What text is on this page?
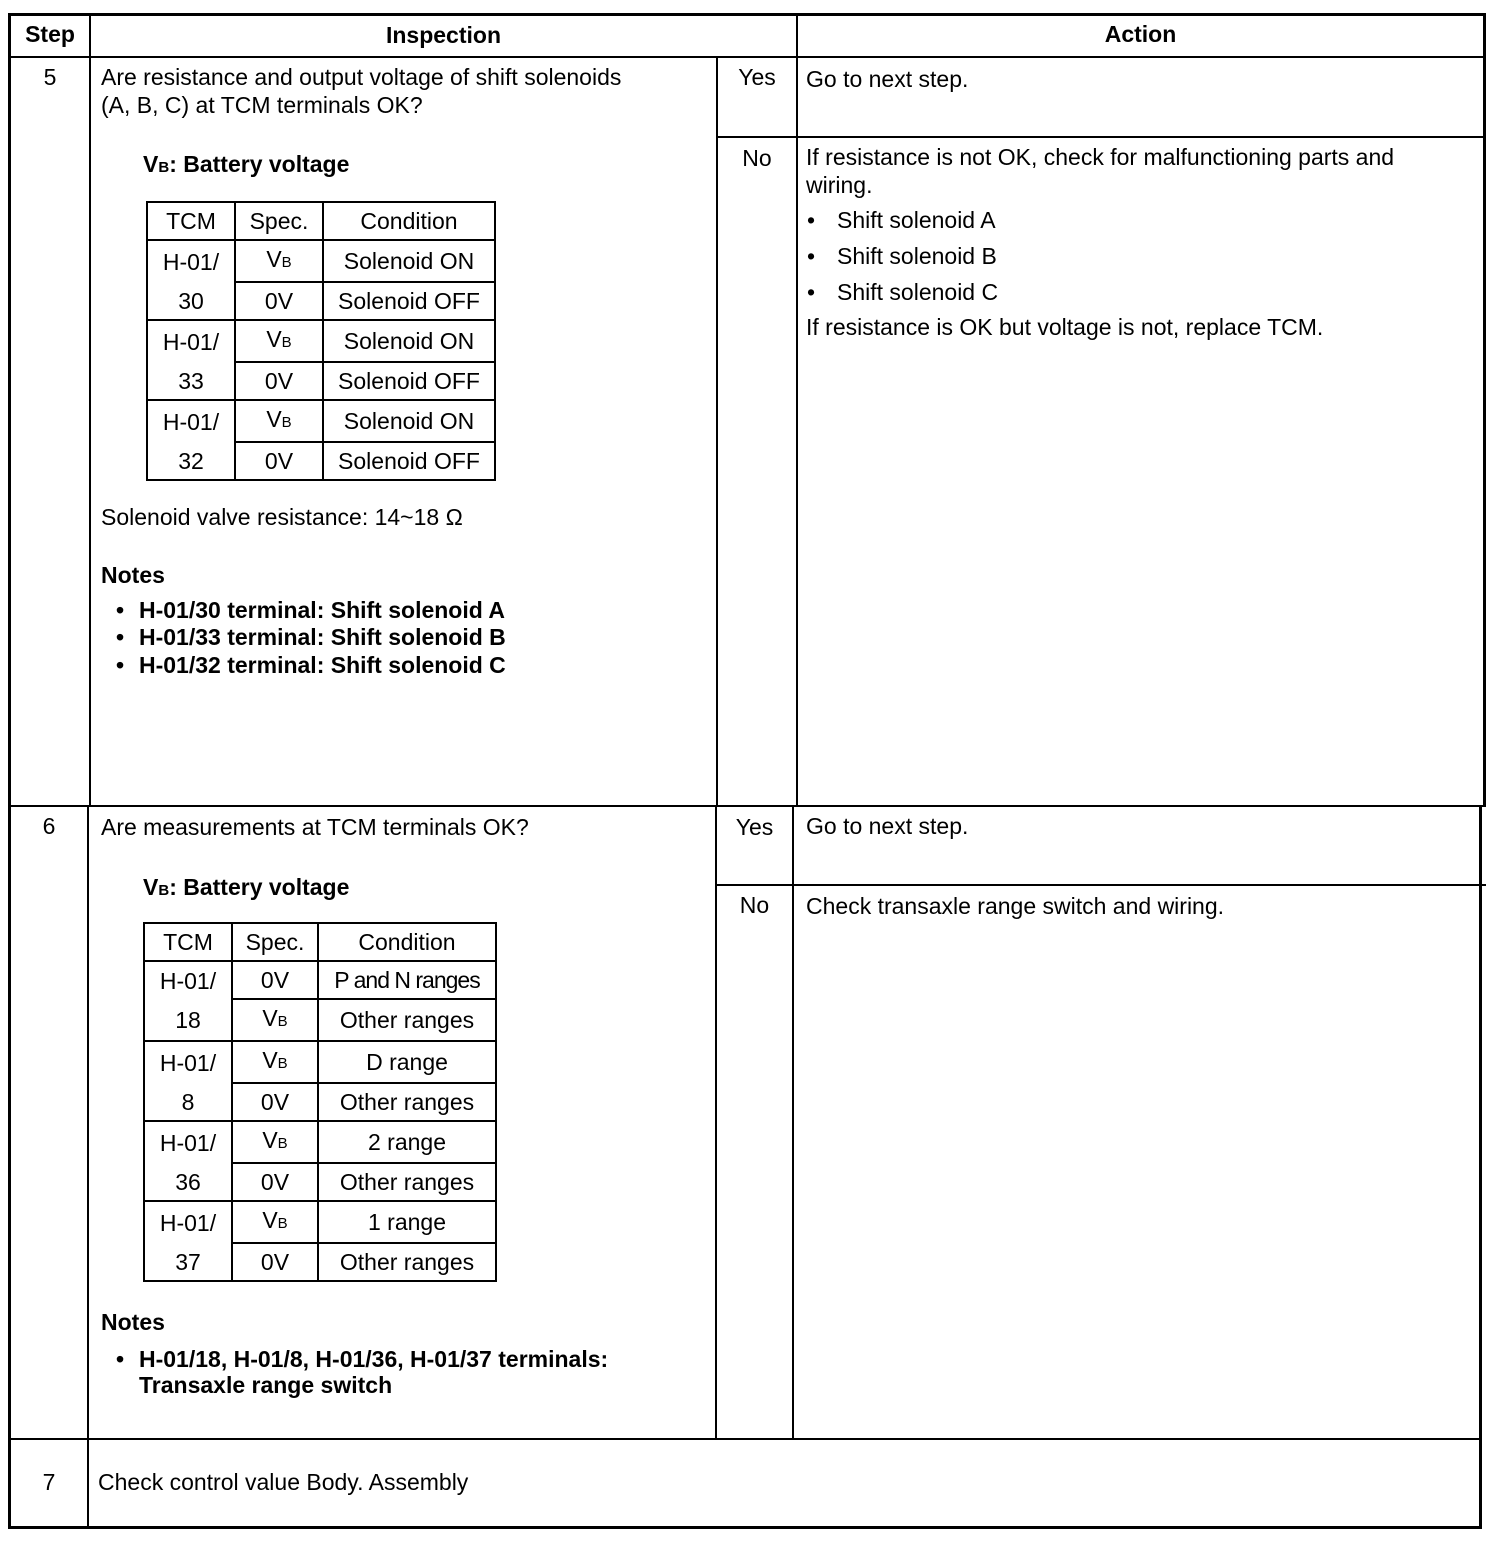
Step	Inspection	Action
5	Are resistance and output voltage of shift solenoids
(A, B, C) at TCM terminals OK?
VB: Battery voltage
TCM	Spec.	Condition
H-01/	VB	Solenoid ON
30	0V	Solenoid OFF
H-01/	VB	Solenoid ON
33	0V	Solenoid OFF
H-01/	VB	Solenoid ON
32	0V	Solenoid OFF
Solenoid valve resistance: 14~18 Ω
Notes
• H-01/30 terminal: Shift solenoid A
• H-01/33 terminal: Shift solenoid B
• H-01/32 terminal: Shift solenoid C
Yes	Go to next step.
No	If resistance is not OK, check for malfunctioning parts and
wiring.
• Shift solenoid A
• Shift solenoid B
• Shift solenoid C
If resistance is OK but voltage is not, replace TCM.
6	Are measurements at TCM terminals OK?
VB: Battery voltage
TCM	Spec.	Condition
H-01/	0V	P and N ranges
18	VB	Other ranges
H-01/	VB	D range
8	0V	Other ranges
H-01/	VB	2 range
36	0V	Other ranges
H-01/	VB	1 range
37	0V	Other ranges
Notes
• H-01/18, H-01/8, H-01/36, H-01/37 terminals:
Transaxle range switch
Yes	Go to next step.
No	Check transaxle range switch and wiring.
7	Check control value Body. Assembly
